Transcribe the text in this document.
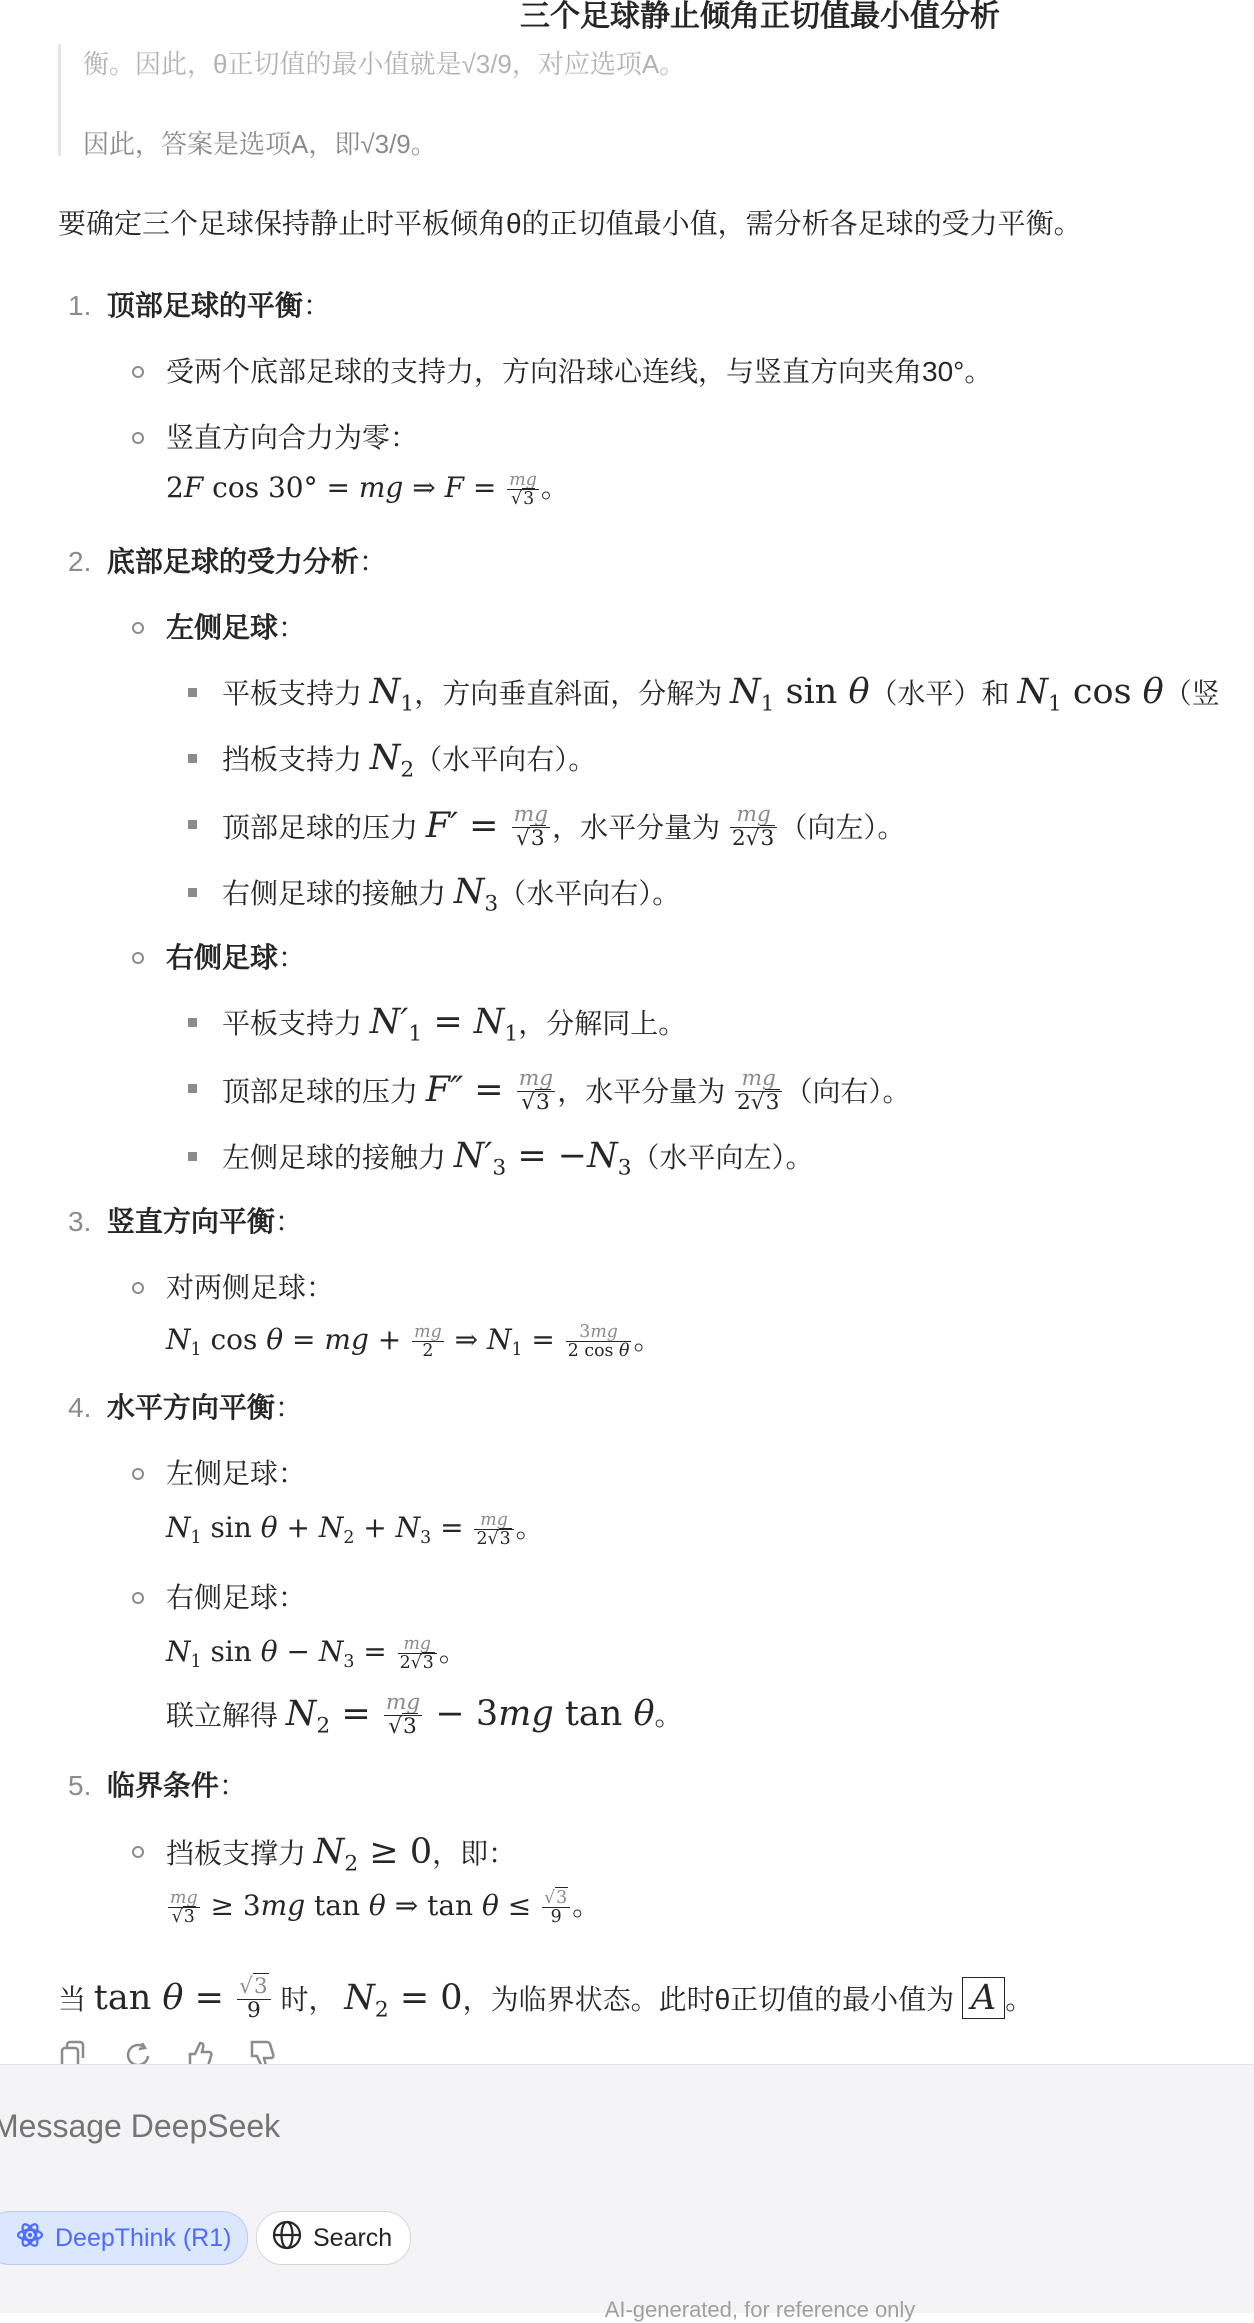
三个足球静止倾角正切值最小值分析
衡。因此，θ正切值的最小值就是√3/9，对应选项A。
因此，答案是选项A，即√3/9。
要确定三个足球保持静止时平板倾角θ的正切值最小值，需分析各足球的受力平衡。
1. 顶部足球的平衡：
受两个底部足球的支持力，方向沿球心连线，与竖直方向夹角30°。
竖直方向合力为零：
2F cos 30° = mg ⇒ $F = \frac{mg}{√3}$ 。
2. 底部足球的受力分析：
左侧足球：
平板支持力 $N_1$，方向垂直斜面，分解为 $N_1$ sin θ（水平）和 $N_1$ cos θ（竖
挡板支持力 $N_2$（水平向右）。
顶部足球的压力 $F' = \frac{mg}{√3}$ ，水平分量为 $\frac{mg}{2√3}$ （向左）。
右侧足球的接触力 $N_3$（水平向右）。
右侧足球：
平板支持力 $N'_1 = N_1$，分解同上。
顶部足球的压力 $F'' = \frac{mg}{√3}$ ，水平分量为 $\frac{mg}{2√3}$ （向右）。
左侧足球的接触力 $N'_3 = -N_3$（水平向左）。
3. 竖直方向平衡：
对两侧足球：
$N_1$ cos θ = mg + $\frac{mg}{2}$ ⇒ $N_1 = \frac{3mg}{\text{2 cos θ}}$ 。
4. 水平方向平衡：
左侧足球：
$N_1$ $\sin \theta + N_2 + N_3 = \frac{mg}{2√3}$ 。
右侧足球：
$N_1$ $\sin \theta - N_3 = \frac{mg}{2√3}$ 。
联立解得 $N_2 = \frac{mg}{√3} - 3mg$ tan θ。
5. 临界条件：
挡板支撑力 $N_2 \ge 0$，即：
$\frac{mg}{√3} \ge 3mg$ tan θ ⇒ $\tan \theta \le \frac{√3}{9}$ 。
当 $\tan \theta = \frac{√3}{9}$ 时， $N_2 = 0$，为临界状态。此时θ正切值的最小值为 A 。
Message DeepSeek
DeepThink (R1)	Search
AI-generated, for reference only
